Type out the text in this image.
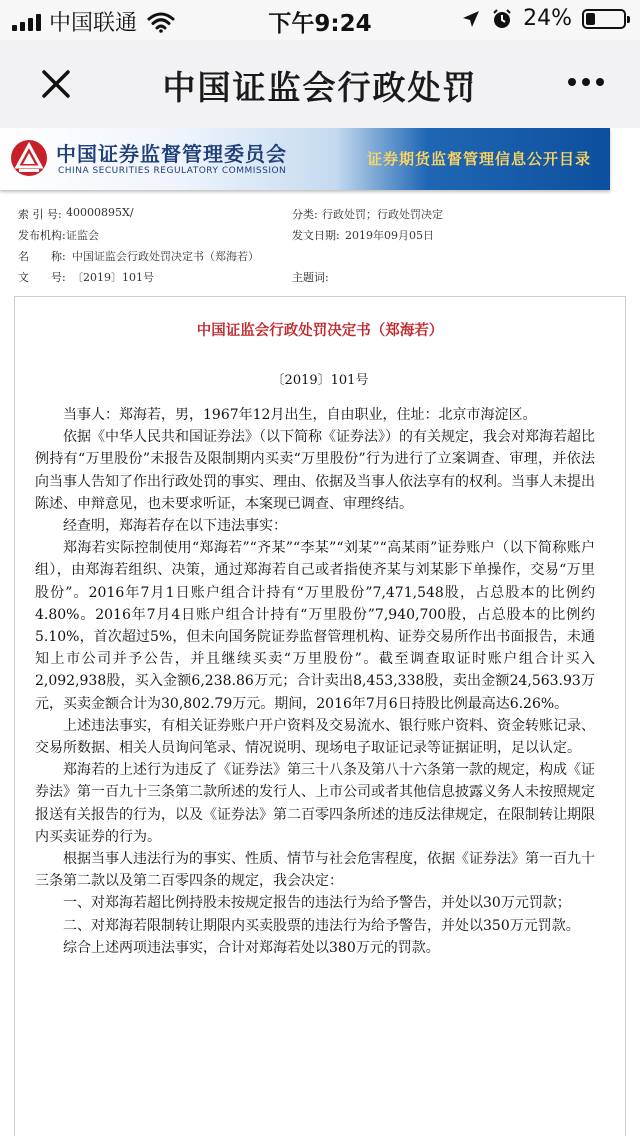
中国联通	下午9:24	24%
中国证监会行政处罚
中国证券监督管理委员会
CHINA SECURITIES REGULATORY COMMISSION
证券期货监督管理信息公开目录
索 引 号: 40000895X/	分类: 行政处罚；行政处罚决定
发布机构: 证监会	发文日期: 2019年09月05日
名　　称: 中国证监会行政处罚决定书（郑海若）
文　　号: 〔2019〕101号	主题词:
中国证监会行政处罚决定书（郑海若）
〔2019〕101号

当事人：郑海若，男，1967年12月出生，自由职业，住址：北京市海淀区。

依据《中华人民共和国证券法》（以下简称《证券法》）的有关规定，我会对郑海若超比例持有“万里股份”未报告及限制期内买卖“万里股份”行为进行了立案调查、审理，并依法向当事人告知了作出行政处罚的事实、理由、依据及当事人依法享有的权利。当事人未提出陈述、申辩意见，也未要求听证，本案现已调查、审理终结。

经查明，郑海若存在以下违法事实：

郑海若实际控制使用“郑海若”“齐某”“李某”“刘某”“高某雨”证券账户（以下简称账户组），由郑海若组织、决策，通过郑海若自己或者指使齐某与刘某影下单操作，交易“万里股份”。2016年7月1日账户组合计持有“万里股份”7,471,548股，占总股本的比例约4.80%。2016年7月4日账户组合计持有“万里股份”7,940,700股，占总股本的比例约5.10%，首次超过5%，但未向国务院证券监督管理机构、证券交易所作出书面报告，未通知上市公司并予公告，并且继续买卖“万里股份”。截至调查取证时账户组合计买入2,092,938股，买入金额6,238.86万元；合计卖出8,453,338股，卖出金额24,563.93万元，买卖金额合计为30,802.79万元。期间，2016年7月6日持股比例最高达6.26%。

上述违法事实，有相关证券账户开户资料及交易流水、银行账户资料、资金转账记录、交易所数据、相关人员询问笔录、情况说明、现场电子取证记录等证据证明，足以认定。

郑海若的上述行为违反了《证券法》第三十八条及第八十六条第一款的规定，构成《证券法》第一百九十三条第二款所述的发行人、上市公司或者其他信息披露义务人未按照规定报送有关报告的行为，以及《证券法》第二百零四条所述的违反法律规定，在限制转让期限内买卖证券的行为。

根据当事人违法行为的事实、性质、情节与社会危害程度，依据《证券法》第一百九十三条第二款以及第二百零四条的规定，我会决定：

一、对郑海若超比例持股未按规定报告的违法行为给予警告，并处以30万元罚款；

二、对郑海若限制转让期限内买卖股票的违法行为给予警告，并处以350万元罚款。

综合上述两项违法事实，合计对郑海若处以380万元的罚款。
